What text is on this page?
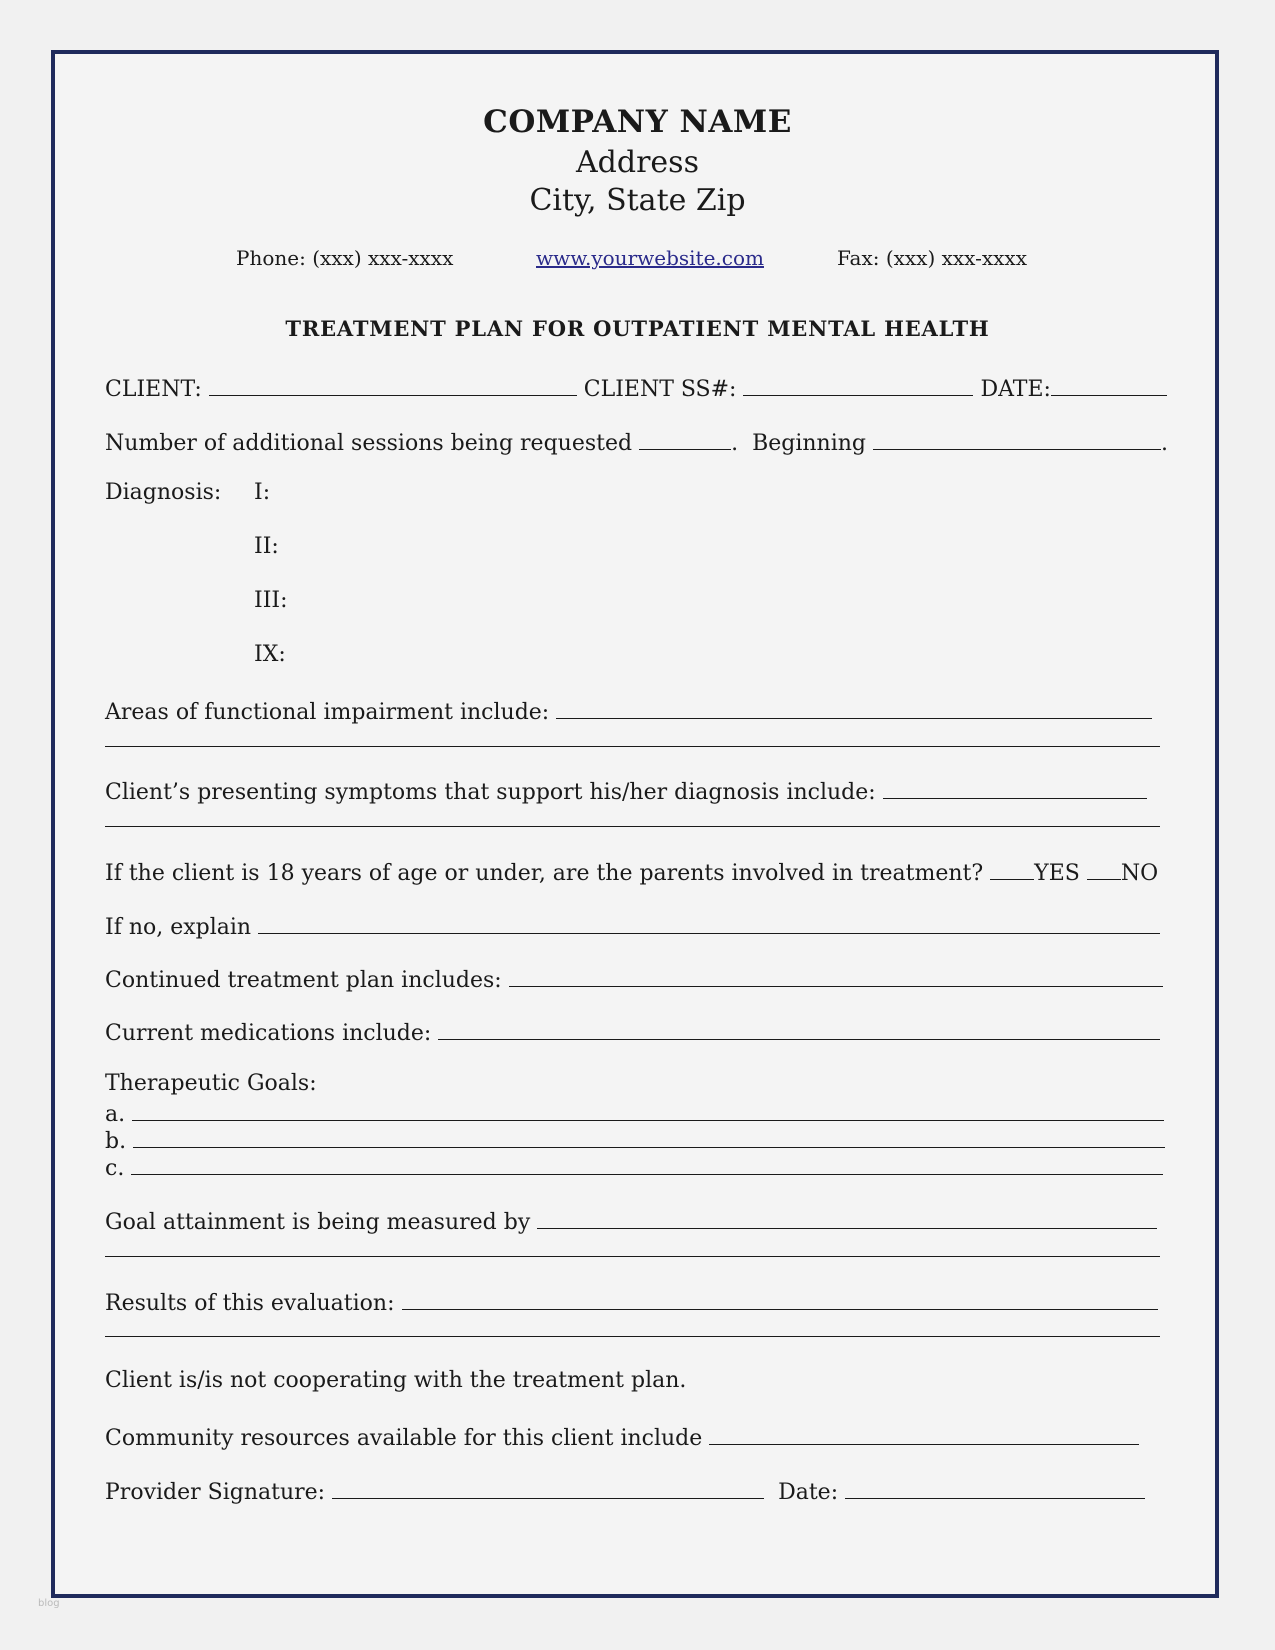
COMPANY NAME
Address
City, State Zip
Phone: (xxx) xxx-xxxx	www.yourwebsite.com	Fax: (xxx) xxx-xxxx
TREATMENT PLAN FOR OUTPATIENT MENTAL HEALTH
CLIENT:	CLIENT SS#:	DATE:
Number of additional sessions being requested	. Beginning	.
Diagnosis: I:
II:
III:
IX:
Areas of functional impairment include:
Client’s presenting symptoms that support his/her diagnosis include:
If the client is 18 years of age or under, are the parents involved in treatment? YES NO
If no, explain
Continued treatment plan includes:
Current medications include:
Therapeutic Goals:
a.
b.
c.
Goal attainment is being measured by
Results of this evaluation:
Client is/is not cooperating with the treatment plan.
Community resources available for this client include
Provider Signature:	Date:
blog
